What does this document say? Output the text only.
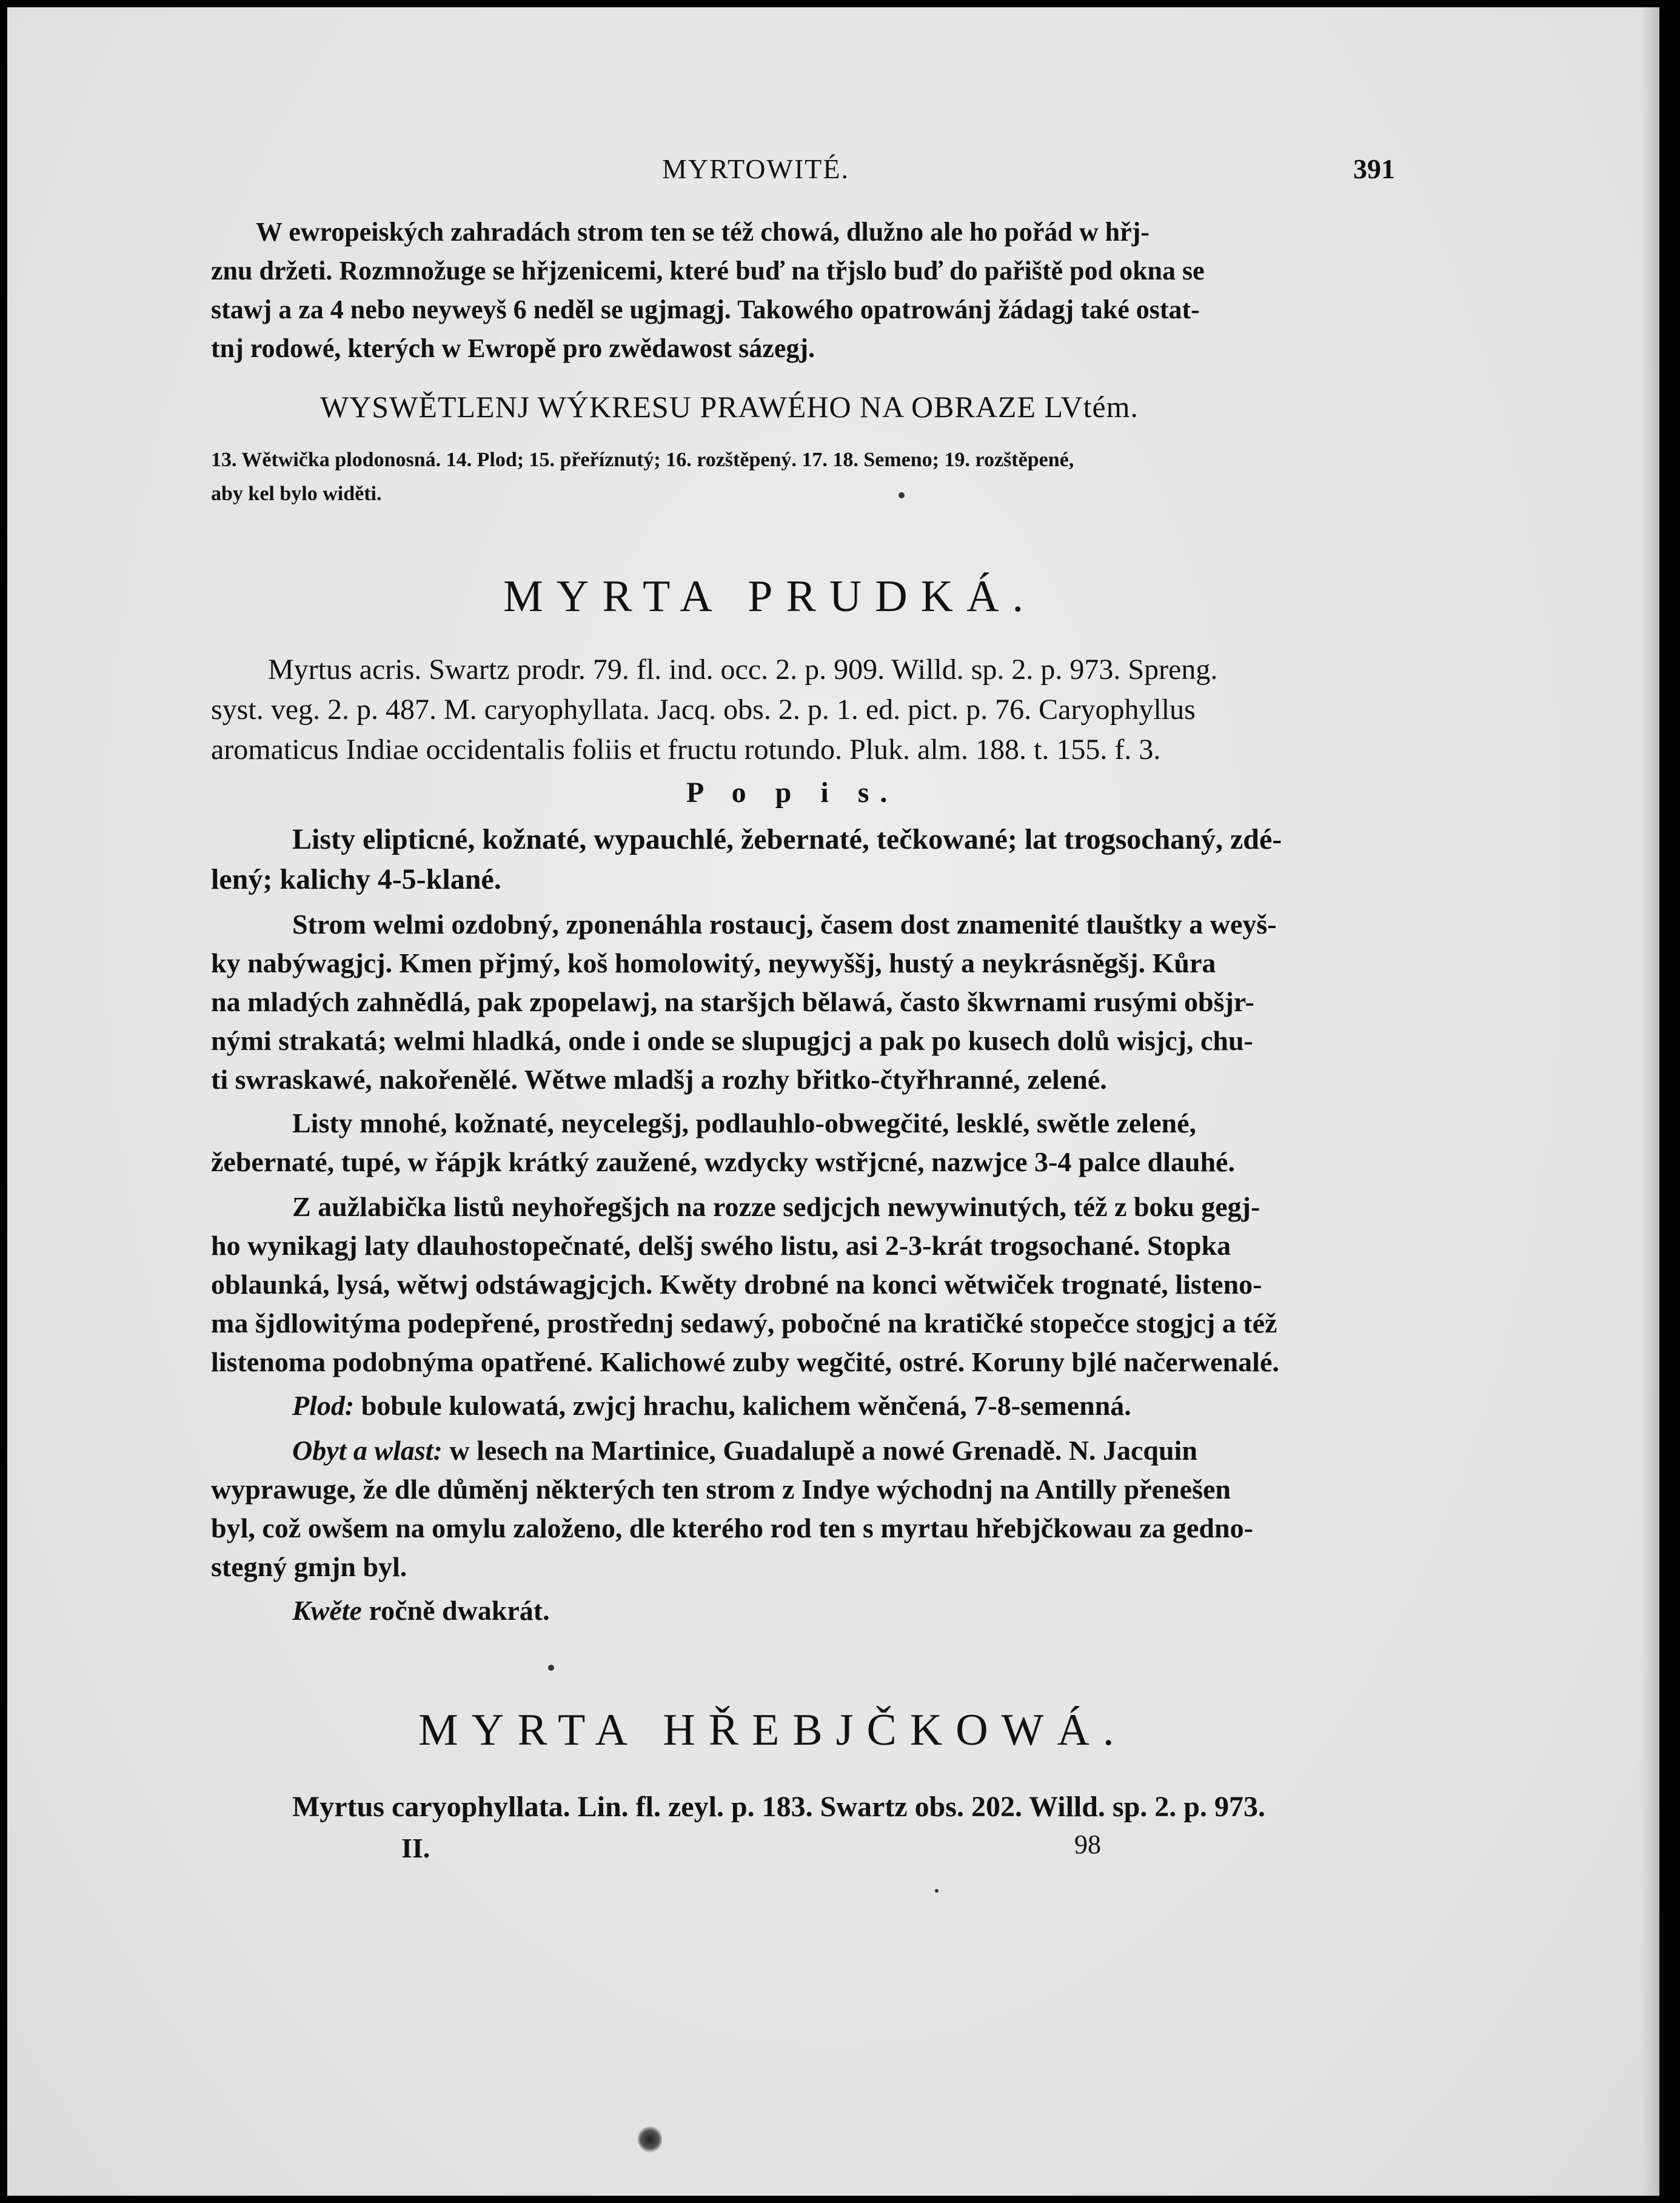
MYRTOWITÉ.	391
W ewropeiských zahradách strom ten se též chowá, dlužno ale ho pořád w hřj-
znu držeti. Rozmnožuge se hřjzenicemi, které buď na třjslo buď do pařiště pod okna se
stawj a za 4 nebo neyweyš 6 neděl se ugjmagj. Takowého opatrowánj žádagj také ostat-
tnj rodowé, kterých w Ewropě pro zwědawost sázegj.
WYSWĚTLENJ WÝKRESU PRAWÉHO NA OBRAZE LVtém.
13. Wětwička plodonosná. 14. Plod; 15. přeříznutý; 16. rozštěpený. 17. 18. Semeno; 19. rozštěpené,
aby kel bylo widěti.
MYRTA PRUDKÁ.
Myrtus acris. Swartz prodr. 79. fl. ind. occ. 2. p. 909. Willd. sp. 2. p. 973. Spreng.
syst. veg. 2. p. 487. M. caryophyllata. Jacq. obs. 2. p. 1. ed. pict. p. 76. Caryophyllus
aromaticus Indiae occidentalis foliis et fructu rotundo. Pluk. alm. 188. t. 155. f. 3.
P o p i s.
Listy elipticné, kožnaté, wypauchlé, žebernaté, tečkowané; lat trogsochaný, zdé-
lený; kalichy 4-5-klané.
Strom welmi ozdobný, zponenáhla rostaucj, časem dost znamenité tlauštky a weyš-
ky nabýwagjcj. Kmen přjmý, koš homolowitý, neywyššj, hustý a neykrásněgšj. Kůra
na mladých zahnědlá, pak zpopelawj, na staršjch bělawá, často škwrnami rusými obšjr-
nými strakatá; welmi hladká, onde i onde se slupugjcj a pak po kusech dolů wisjcj, chu-
ti swraskawé, nakořenělé. Wětwe mladšj a rozhy břitko-čtyřhranné, zelené.
Listy mnohé, kožnaté, neycelegšj, podlauhlo-obwegčité, lesklé, swětle zelené,
žebernaté, tupé, w řápjk krátký zaužené, wzdycky wstřjcné, nazwjce 3-4 palce dlauhé.
Z aužlabička listů neyhořegšjch na rozze sedjcjch newywinutých, též z boku gegj-
ho wynikagj laty dlauhostopečnaté, delšj swého listu, asi 2-3-krát trogsochané. Stopka
oblaunká, lysá, wětwj odstáwagjcjch. Kwěty drobné na konci wětwiček trognaté, listeno-
ma šjdlowitýma podepřené, prostřednj sedawý, pobočné na kratičké stopečce stogjcj a též
listenoma podobnýma opatřené. Kalichowé zuby wegčité, ostré. Koruny bjlé načerwenalé.
Plod: bobule kulowatá, zwjcj hrachu, kalichem wěnčená, 7-8-semenná.
Obyt a wlast: w lesech na Martinice, Guadalupě a nowé Grenadě. N. Jacquin
wyprawuge, že dle důměnj některých ten strom z Indye wýchodnj na Antilly přenešen
byl, což owšem na omylu založeno, dle kterého rod ten s myrtau hřebjčkowau za gedno-
stegný gmjn byl.
Kwěte ročně dwakrát.
MYRTA HŘEBJČKOWÁ.
Myrtus caryophyllata. Lin. fl. zeyl. p. 183. Swartz obs. 202. Willd. sp. 2. p. 973.
II.	98
